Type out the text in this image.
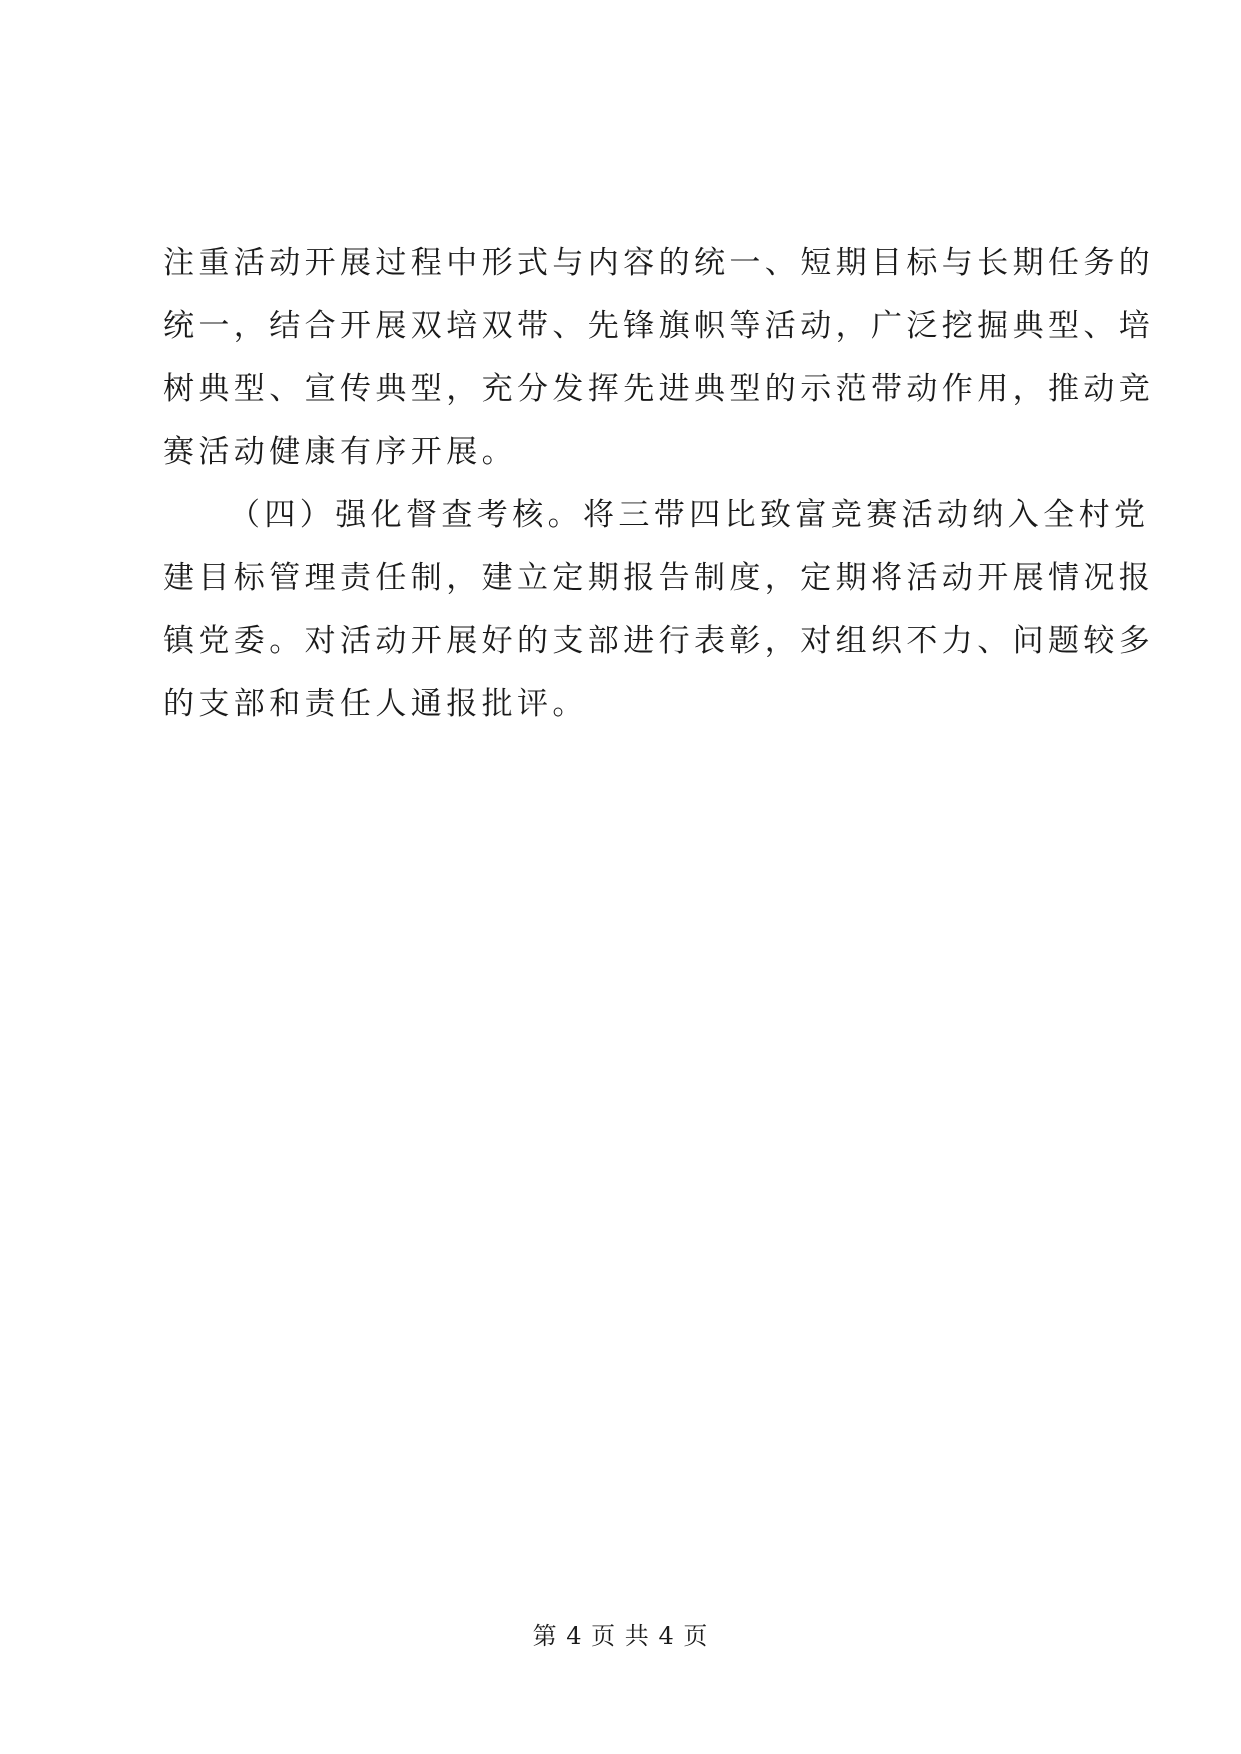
注重活动开展过程中形式与内容的统一、短期目标与长期任务的
统一，结合开展双培双带、先锋旗帜等活动，广泛挖掘典型、培
树典型、宣传典型，充分发挥先进典型的示范带动作用，推动竞
赛活动健康有序开展。
（四）强化督查考核。将三带四比致富竞赛活动纳入全村党
建目标管理责任制，建立定期报告制度，定期将活动开展情况报
镇党委。对活动开展好的支部进行表彰，对组织不力、问题较多
的支部和责任人通报批评。
第 4 页 共 4 页
